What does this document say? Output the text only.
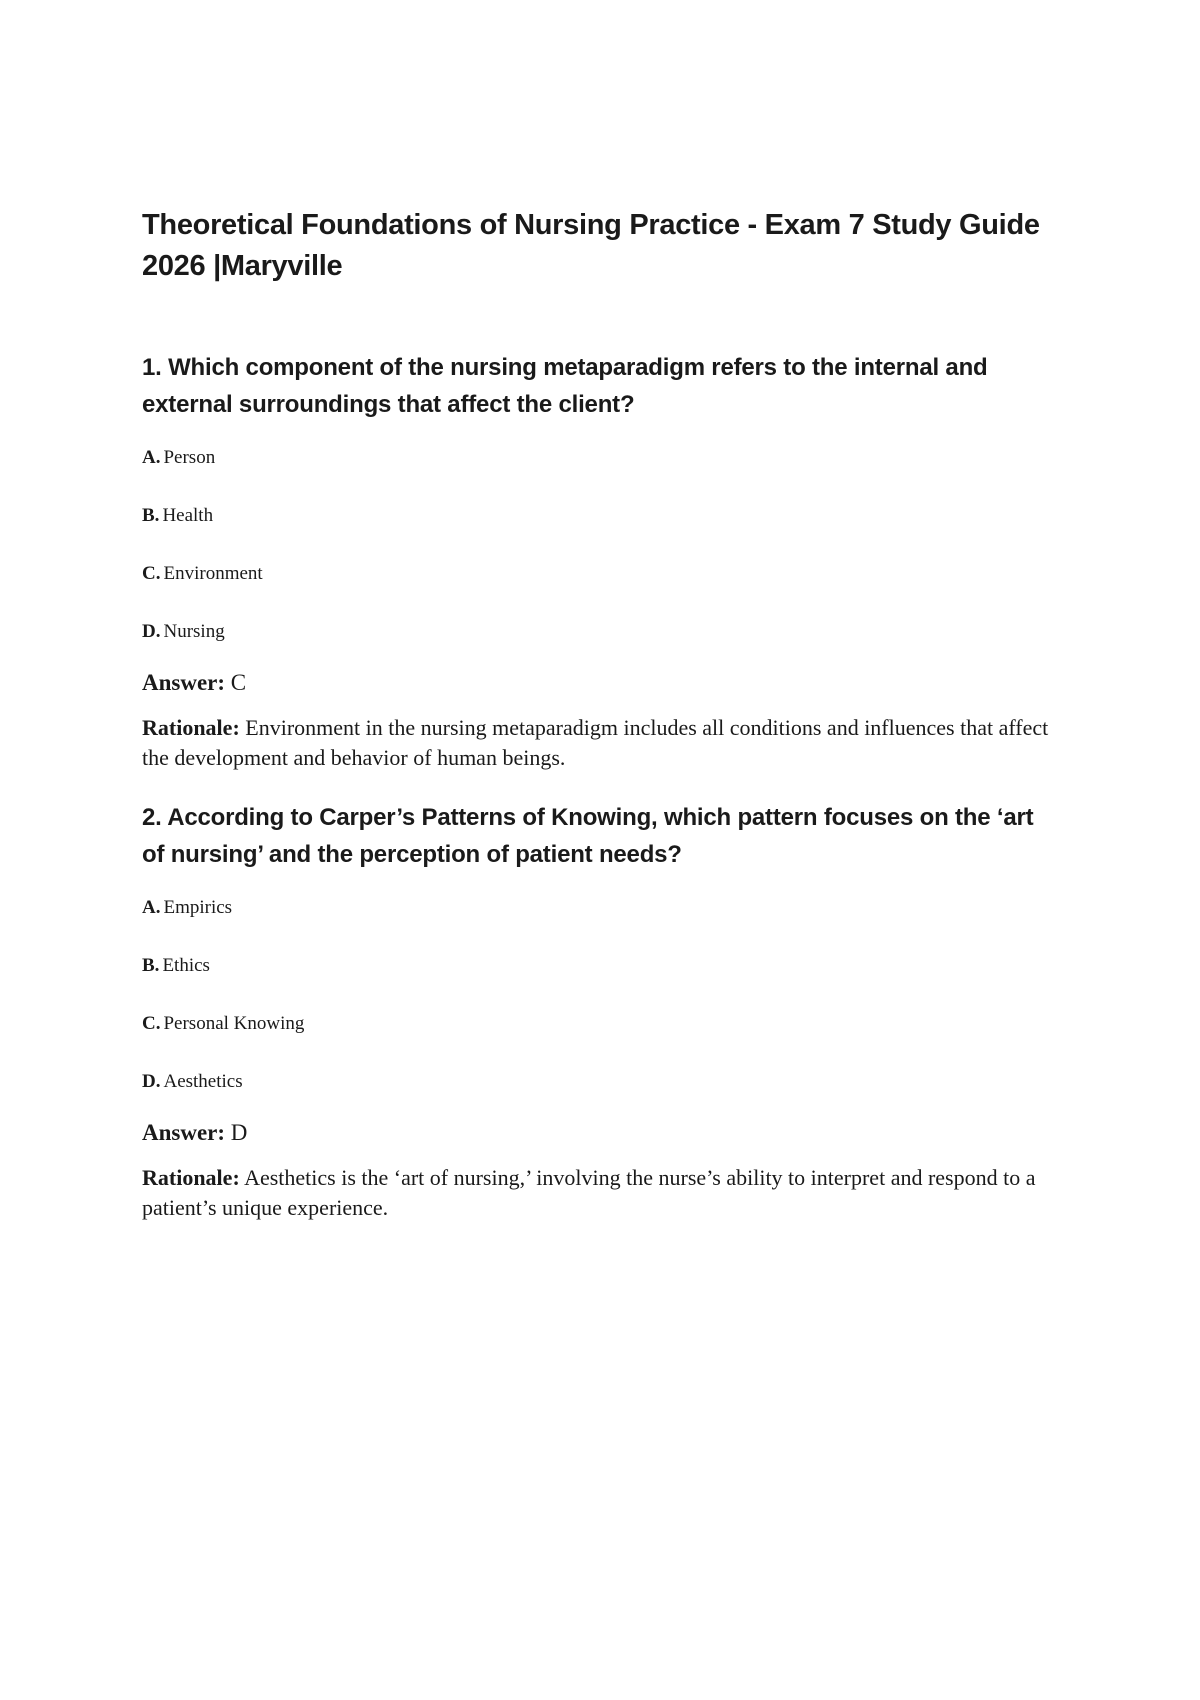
Theoretical Foundations of Nursing Practice - Exam 7 Study Guide 2026 |Maryville

1. Which component of the nursing metaparadigm refers to the internal and external surroundings that affect the client?

A. Person
B. Health
C. Environment
D. Nursing

Answer: C

Rationale: Environment in the nursing metaparadigm includes all conditions and influences that affect the development and behavior of human beings.

2. According to Carper’s Patterns of Knowing, which pattern focuses on the ‘art of nursing’ and the perception of patient needs?

A. Empirics
B. Ethics
C. Personal Knowing
D. Aesthetics

Answer: D

Rationale: Aesthetics is the ‘art of nursing,’ involving the nurse’s ability to interpret and respond to a patient’s unique experience.
